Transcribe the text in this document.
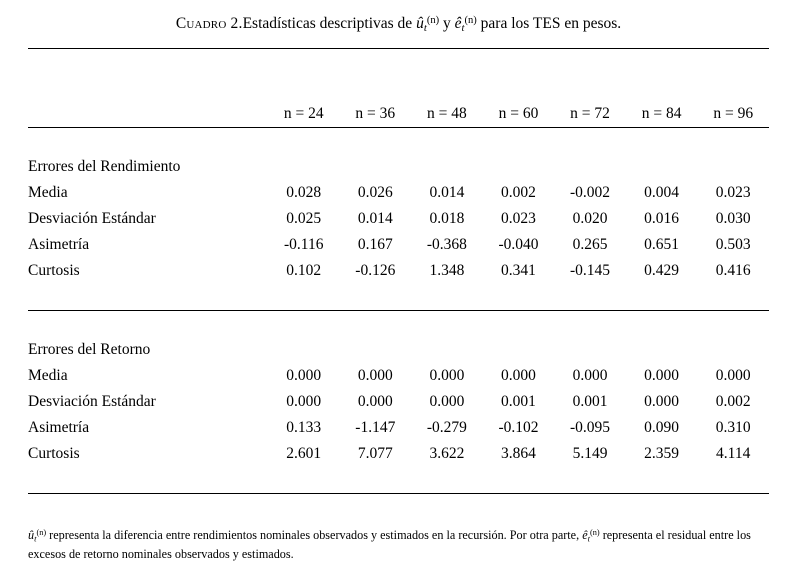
Cuadro 2.Estadísticas descriptivas de $û_t^{(n)}$ y $ê_t^{(n)}$ para los TES en pesos.

	n = 24	n = 36	n = 48	n = 60	n = 72	n = 84	n = 96

Errores del Rendimiento							
Media	0.028	0.026	0.014	0.002	-0.002	0.004	0.023
Desviación Estándar	0.025	0.014	0.018	0.023	0.020	0.016	0.030
Asimetría	-0.116	0.167	-0.368	-0.040	0.265	0.651	0.503
Curtosis	0.102	-0.126	1.348	0.341	-0.145	0.429	0.416

Errores del Retorno							
Media	0.000	0.000	0.000	0.000	0.000	0.000	0.000
Desviación Estándar	0.000	0.000	0.000	0.001	0.001	0.000	0.002
Asimetría	0.133	-1.147	-0.279	-0.102	-0.095	0.090	0.310
Curtosis	2.601	7.077	3.622	3.864	5.149	2.359	4.114

$û_t^{(n)}$ representa la diferencia entre rendimientos nominales observados y estimados en la recursión. Por otra parte, $ê_t^{(n)}$ representa el residual entre los excesos de retorno nominales observados y estimados.
